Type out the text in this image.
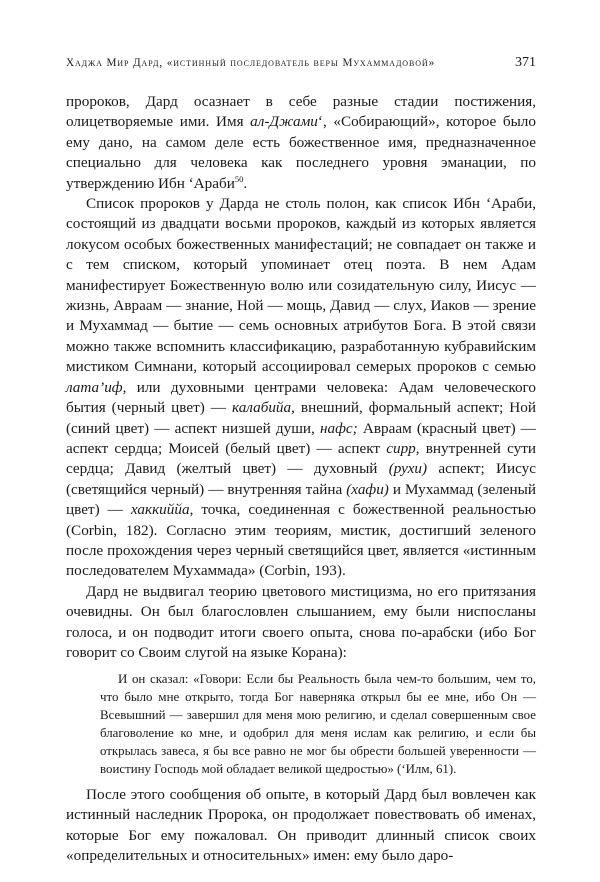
Хаджа Мир Дард, «истинный последователь веры Мухаммадовой»	371

пророков, Дард осазнает в себе разные стадии постижения, олицетворяемые ими. Имя ал-Джами‘, «Собирающий», которое было ему дано, на самом деле есть божественное имя, предназначенное специально для человека как последнего уровня эманации, по утверждению Ибн ‘Араби$^{50}$.

Список пророков у Дарда не столь полон, как список Ибн ‘Араби, состоящий из двадцати восьми пророков, каждый из которых является локусом особых божественных манифестаций; не совпадает он также и с тем списком, который упоминает отец поэта. В нем Адам манифестирует Божественную волю или созидательную силу, Иисус — жизнь, Авраам — знание, Ной — мощь, Давид — слух, Иаков — зрение и Мухаммад — бытие — семь основных атрибутов Бога. В этой связи можно также вспомнить классификацию, разработанную кубравийским мистиком Симнани, который ассоциировал семерых пророков с семью лата’иф, или духовными центрами человека: Адам человеческого бытия (черный цвет) — калабийа, внешний, формальный аспект; Ной (синий цвет) — аспект низшей души, нафс; Авраам (красный цвет) — аспект сердца; Моисей (белый цвет) — аспект сирр, внутренней сути сердца; Давид (желтый цвет) — духовный (рухи) аспект; Иисус (светящийся черный) — внутренняя тайна (хафи) и Мухаммад (зеленый цвет) — хаккиййа, точка, соединенная с божественной реальностью (Corbin, 182). Согласно этим теориям, мистик, достигший зеленого после прохождения через черный светящийся цвет, является «истинным последователем Мухаммада» (Corbin, 193).

Дард не выдвигал теорию цветового мистицизма, но его притязания очевидны. Он был благословлен слышанием, ему были ниспосланы голоса, и он подводит итоги своего опыта, снова по-арабски (ибо Бог говорит со Своим слугой на языке Корана):

И он сказал: «Говори: Если бы Реальность была чем-то большим, чем то, что было мне открыто, тогда Бог наверняка открыл бы ее мне, ибо Он — Всевышний — завершил для меня мою религию, и сделал совершенным свое благоволение ко мне, и одобрил для меня ислам как религию, и если бы открылась завеса, я бы все равно не мог бы обрести большей уверенности — воистину Господь мой обладает великой щедростью» (‘Илм, 61).

После этого сообщения об опыте, в который Дард был вовлечен как истинный наследник Пророка, он продолжает повествовать об именах, которые Бог ему пожаловал. Он приводит длинный список своих «определительных и относительных» имен: ему было даро-
